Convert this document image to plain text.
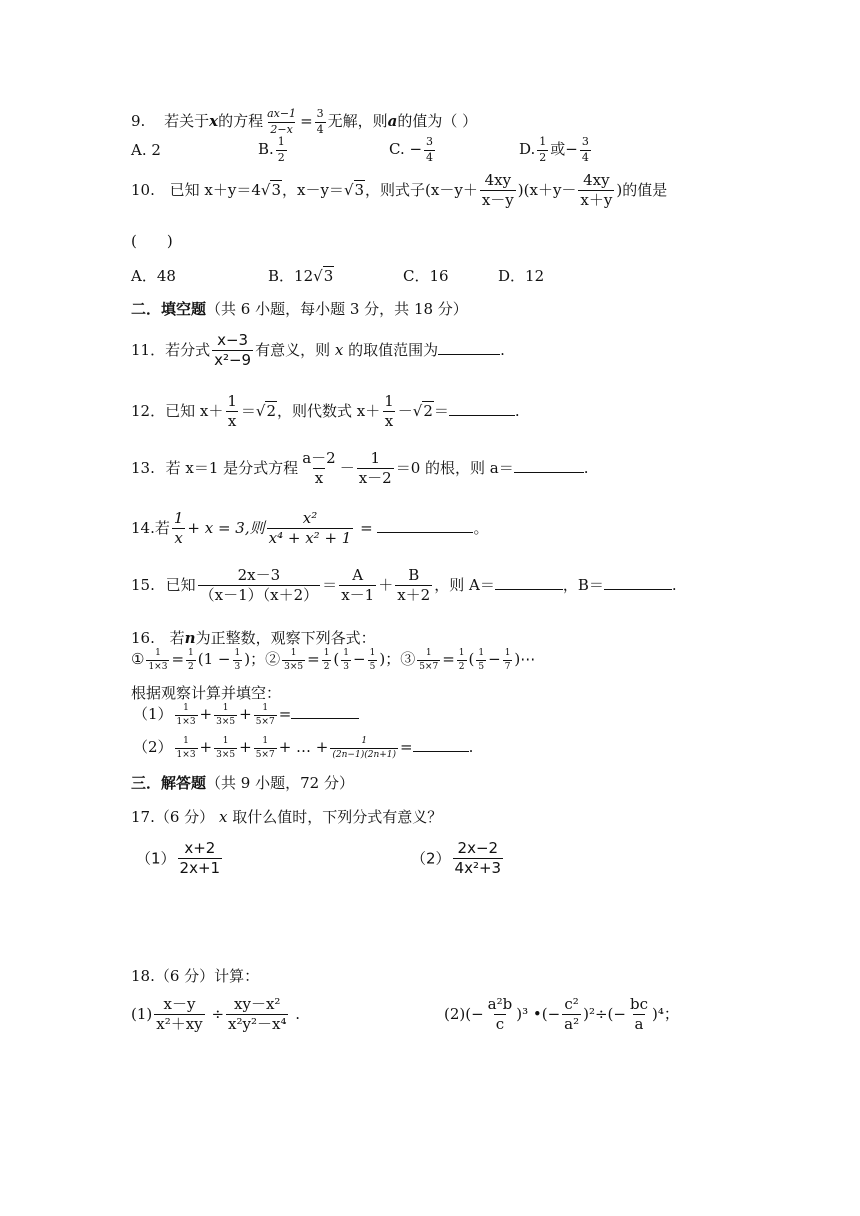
9. 若关于x的方程 $\frac{ax-1}{2-x} = \frac{3}{4}$ 无解，则a的值为（ ）
A. 2	B. $\frac{1}{2}$	C. − $\frac{3}{4}$	D. $\frac{1}{2}$ 或− $\frac{3}{4}$
10. 已知 x＋y＝4√3，x－y＝√3，则式子$(x-y+ \frac{4xy}{x-y} )(x+y- \frac{4xy}{x+y}$ )的值是
(　　)
A．48	B．12√3	C．16	D．12
二．填空题（共 6 小题，每小题 3 分，共 18 分）
11．若分式 $\frac{x-3}{\text{x²−9}}$ 有意义，则 x 的取值范围为	.
12．已知 $x+ \frac{1}{x} =√2$，则代数式 $x+ \frac{1}{x} -√2=$	.
13. 若 x＝1 是分式方程 $\frac{a-2}{x} - \frac{1}{x-2} =0$ 的根，则 a＝	.
14.若 $\frac{1}{x} + x = 3$,则 $\frac{\text{x²}}{\text{x⁴ + x² + 1}}$ =	。
15. 已知 $\frac{2x-3}{(x-1)(x+2)} = \frac{A}{x-1} + \frac{B}{x+2}$ ，则 A＝	，B＝	.
16. 若n为正整数，观察下列各式：
① $\frac{1}{1\times 3} = \frac{1}{2} (1 - \frac{1}{3}$ )；② $\frac{1}{3\times 5} = \frac{1}{2}$ ( $\frac{1}{3} - \frac{1}{5}$ )；③ $\frac{1}{5\times 7} = \frac{1}{2}$ ( $\frac{1}{5} - \frac{1}{7}$ )⋯
根据观察计算并填空：
$(1) \frac{1}{1\times 3} + \frac{1}{3\times 5} + \frac{1}{5\times 7}$ =
$(2) \frac{1}{1\times 3} + \frac{1}{3\times 5} + \frac{1}{5\times 7}$ + … + $\frac{1}{(2n-1)(2n+1)}$ =	.
三．解答题（共 9 小题，72 分）
17.（6 分） x 取什么值时，下列分式有意义？
$(1) \frac{x+2}{2x+1}$	$(2) \frac{2x-2}{\text{4x²+3}}$
18.（6 分）计算：
$(1) \frac{x-y}{\text{x²＋xy}} \div \frac{\text{xy－x²}}{\text{x²y²－x⁴}}$ .	$(2)(- \frac{\text{a²b}}{c} )^3$ •(− $\frac{\text{c²}}{\text{a²}} )^2\div(- \frac{bc}{a} )^4$；
